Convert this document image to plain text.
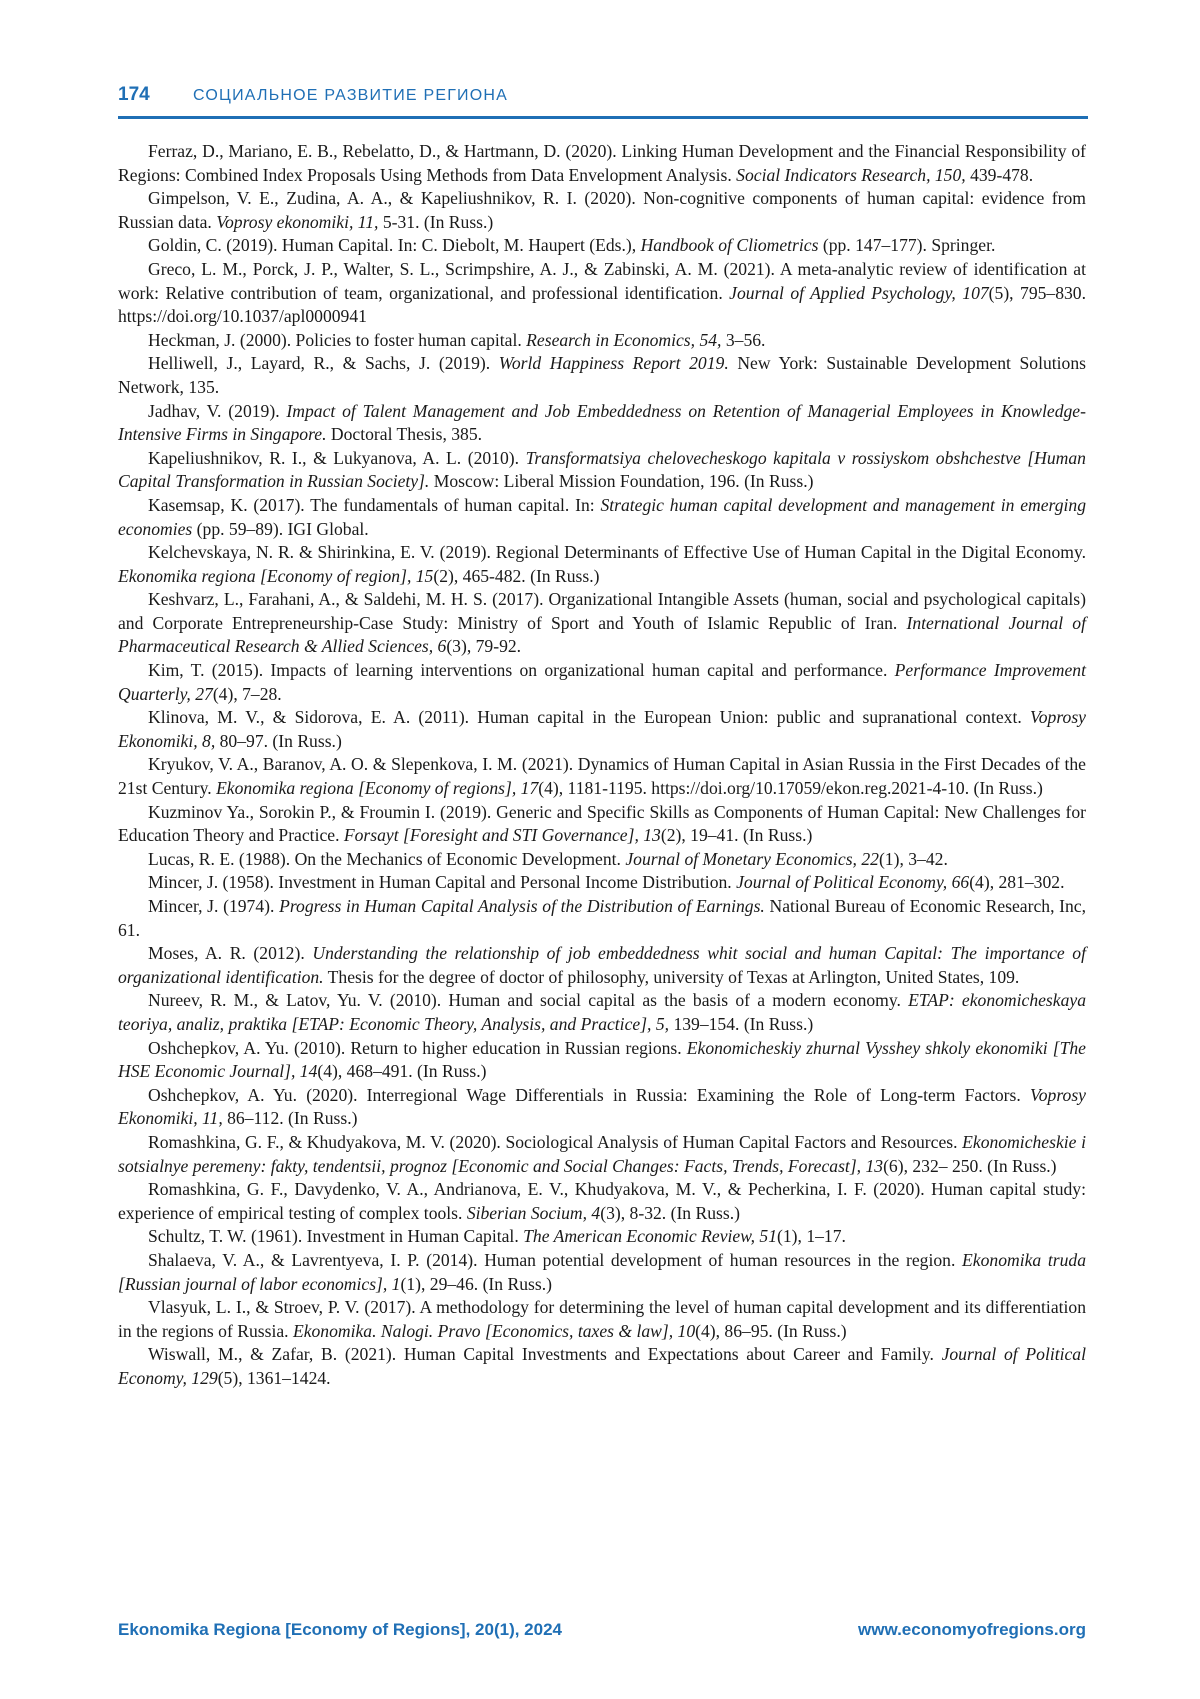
174	СОЦИАЛЬНОЕ РАЗВИТИЕ РЕГИОНА

Ferraz, D., Mariano, E. B., Rebelatto, D., & Hartmann, D. (2020). Linking Human Development and the Financial Responsibility of Regions: Combined Index Proposals Using Methods from Data Envelopment Analysis. Social Indicators Research, 150, 439-478.

Gimpelson, V. E., Zudina, A. A., & Kapeliushnikov, R. I. (2020). Non-cognitive components of human capital: evidence from Russian data. Voprosy ekonomiki, 11, 5-31. (In Russ.)

Goldin, C. (2019). Human Capital. In: C. Diebolt, M. Haupert (Eds.), Handbook of Cliometrics (pp. 147–177). Springer.

Greco, L. M., Porck, J. P., Walter, S. L., Scrimpshire, A. J., & Zabinski, A. M. (2021). A meta-analytic review of identification at work: Relative contribution of team, organizational, and professional identification. Journal of Applied Psychology, 107(5), 795–830. https://doi.org/10.1037/apl0000941

Heckman, J. (2000). Policies to foster human capital. Research in Economics, 54, 3–56.

Helliwell, J., Layard, R., & Sachs, J. (2019). World Happiness Report 2019. New York: Sustainable Development Solutions Network, 135.

Jadhav, V. (2019). Impact of Talent Management and Job Embeddedness on Retention of Managerial Employees in Knowledge-Intensive Firms in Singapore. Doctoral Thesis, 385.

Kapeliushnikov, R. I., & Lukyanova, A. L. (2010). Transformatsiya chelovecheskogo kapitala v rossiyskom obshchestve [Human Capital Transformation in Russian Society]. Moscow: Liberal Mission Foundation, 196. (In Russ.)

Kasemsap, K. (2017). The fundamentals of human capital. In: Strategic human capital development and management in emerging economies (pp. 59–89). IGI Global.

Kelchevskaya, N. R. & Shirinkina, E. V. (2019). Regional Determinants of Effective Use of Human Capital in the Digital Economy. Ekonomika regiona [Economy of region], 15(2), 465-482. (In Russ.)

Keshvarz, L., Farahani, A., & Saldehi, M. H. S. (2017). Organizational Intangible Assets (human, social and psychological capitals) and Corporate Entrepreneurship-Case Study: Ministry of Sport and Youth of Islamic Republic of Iran. International Journal of Pharmaceutical Research & Allied Sciences, 6(3), 79-92.

Kim, T. (2015). Impacts of learning interventions on organizational human capital and performance. Performance Improvement Quarterly, 27(4), 7–28.

Klinova, M. V., & Sidorova, E. A. (2011). Human capital in the European Union: public and supranational context. Voprosy Ekonomiki, 8, 80–97. (In Russ.)

Kryukov, V. A., Baranov, A. O. & Slepenkova, I. M. (2021). Dynamics of Human Capital in Asian Russia in the First Decades of the 21st Century. Ekonomika regiona [Economy of regions], 17(4), 1181-1195. https://doi.org/10.17059/ekon.reg.2021-4-10. (In Russ.)

Kuzminov Ya., Sorokin P., & Froumin I. (2019). Generic and Specific Skills as Components of Human Capital: New Challenges for Education Theory and Practice. Forsayt [Foresight and STI Governance], 13(2), 19–41. (In Russ.)

Lucas, R. E. (1988). On the Mechanics of Economic Development. Journal of Monetary Economics, 22(1), 3–42.

Mincer, J. (1958). Investment in Human Capital and Personal Income Distribution. Journal of Political Economy, 66(4), 281–302.

Mincer, J. (1974). Progress in Human Capital Analysis of the Distribution of Earnings. National Bureau of Economic Research, Inc, 61.

Moses, A. R. (2012). Understanding the relationship of job embeddedness whit social and human Capital: The importance of organizational identification. Thesis for the degree of doctor of philosophy, university of Texas at Arlington, United States, 109.

Nureev, R. M., & Latov, Yu. V. (2010). Human and social capital as the basis of a modern economy. ETAP: ekonomicheskaya teoriya, analiz, praktika [ETAP: Economic Theory, Analysis, and Practice], 5, 139–154. (In Russ.)

Oshchepkov, A. Yu. (2010). Return to higher education in Russian regions. Ekonomicheskiy zhurnal Vysshey shkoly ekonomiki [The HSE Economic Journal], 14(4), 468–491. (In Russ.)

Oshchepkov, A. Yu. (2020). Interregional Wage Differentials in Russia: Examining the Role of Long-term Factors. Voprosy Ekonomiki, 11, 86–112. (In Russ.)

Romashkina, G. F., & Khudyakova, M. V. (2020). Sociological Analysis of Human Capital Factors and Resources. Ekonomicheskie i sotsialnye peremeny: fakty, tendentsii, prognoz [Economic and Social Changes: Facts, Trends, Forecast], 13(6), 232– 250. (In Russ.)

Romashkina, G. F., Davydenko, V. A., Andrianova, E. V., Khudyakova, M. V., & Pecherkina, I. F. (2020). Human capital study: experience of empirical testing of complex tools. Siberian Socium, 4(3), 8-32. (In Russ.)

Schultz, T. W. (1961). Investment in Human Capital. The American Economic Review, 51(1), 1–17.

Shalaeva, V. A., & Lavrentyeva, I. P. (2014). Human potential development of human resources in the region. Ekonomika truda [Russian journal of labor economics], 1(1), 29–46. (In Russ.)

Vlasyuk, L. I., & Stroev, P. V. (2017). A methodology for determining the level of human capital development and its differentiation in the regions of Russia. Ekonomika. Nalogi. Pravo [Economics, taxes & law], 10(4), 86–95. (In Russ.)

Wiswall, M., & Zafar, B. (2021). Human Capital Investments and Expectations about Career and Family. Journal of Political Economy, 129(5), 1361–1424.

Ekonomika Regiona [Economy of Regions], 20(1), 2024	www.economyofregions.org
